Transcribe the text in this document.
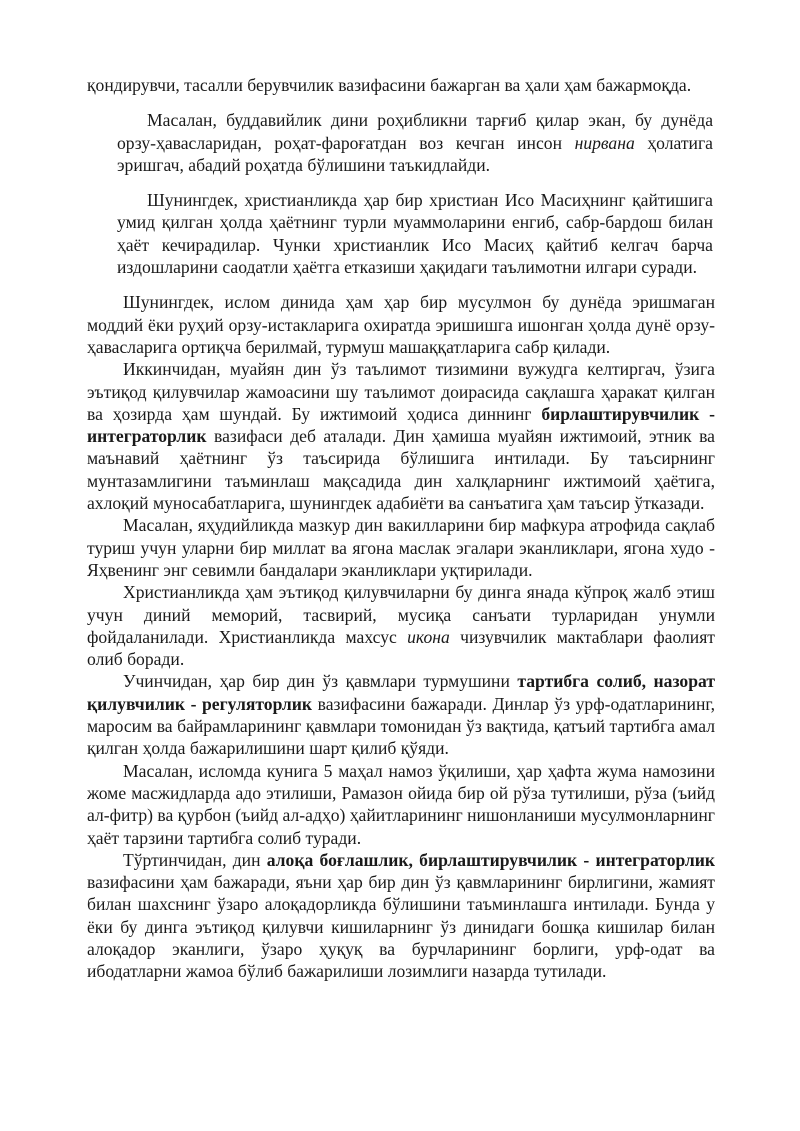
қондирувчи, тасалли берувчилик вазифасини бажарган ва ҳали ҳам бажармоқда.

Масалан, буддавийлик дини роҳибликни тарғиб қилар экан, бу дунёда орзу-ҳавасларидан, роҳат-фароғатдан воз кечган инсон нирвана ҳолатига эришгач, абадий роҳатда бўлишини таъкидлайди.

Шунингдек, христианликда ҳар бир христиан Исо Масиҳнинг қайтишига умид қилган ҳолда ҳаётнинг турли муаммоларини енгиб, сабр-бардош билан ҳаёт кечирадилар. Чунки христианлик Исо Масиҳ қайтиб келгач барча издошларини саодатли ҳаётга етказиши ҳақидаги таълимотни илгари суради.

Шунингдек, ислом динида ҳам ҳар бир мусулмон бу дунёда эришмаган моддий ёки руҳий орзу-истакларига охиратда эришишга ишонган ҳолда дунё орзу-ҳавасларига ортиқча берилмай, турмуш машаққатларига сабр қилади.

Иккинчидан, муайян дин ўз таълимот тизимини вужудга келтиргач, ўзига эътиқод қилувчилар жамоасини шу таълимот доирасида сақлашга ҳаракат қилган ва ҳозирда ҳам шундай. Бу ижтимоий ҳодиса диннинг бирлаштирувчилик - интеграторлик вазифаси деб аталади. Дин ҳамиша муайян ижтимоий, этник ва маънавий ҳаётнинг ўз таъсирида бўлишига интилади. Бу таъсирнинг мунтазамлигини таъминлаш мақсадида дин халқларнинг ижтимоий ҳаётига, ахлоқий муносабатларига, шунингдек адабиёти ва санъатига ҳам таъсир ўтказади.

Масалан, яҳудийликда мазкур дин вакилларини бир мафкура атрофида сақлаб туриш учун уларни бир миллат ва ягона маслак эгалари эканликлари, ягона худо - Яҳвенинг энг севимли бандалари эканликлари уқтирилади.

Христианликда ҳам эътиқод қилувчиларни бу динга янада кўпроқ жалб этиш учун диний меморий, тасвирий, мусиқа санъати турларидан унумли фойдаланилади. Христианликда махсус икона чизувчилик мактаблари фаолият олиб боради.

Учинчидан, ҳар бир дин ўз қавмлари турмушини тартибга солиб, назорат қилувчилик - регуляторлик вазифасини бажаради. Динлар ўз урф-одатларининг, маросим ва байрамларининг қавмлари томонидан ўз вақтида, қатъий тартибга амал қилган ҳолда бажарилишини шарт қилиб қўяди.

Масалан, исломда кунига 5 маҳал намоз ўқилиши, ҳар ҳафта жума намозини жоме масжидларда адо этилиши, Рамазон ойида бир ой рўза тутилиши, рўза (ъийд ал-фитр) ва қурбон (ъийд ал-адҳо) ҳайитларининг нишонланиши мусулмонларнинг ҳаёт тарзини тартибга солиб туради.

Тўртинчидан, дин алоқа боғлашлик, бирлаштирувчилик - интеграторлик вазифасини ҳам бажаради, яъни ҳар бир дин ўз қавмларининг бирлигини, жамият билан шахснинг ўзаро алоқадорликда бўлишини таъминлашга интилади. Бунда у ёки бу динга эътиқод қилувчи кишиларнинг ўз динидаги бошқа кишилар билан алоқадор эканлиги, ўзаро ҳуқуқ ва бурчларининг борлиги, урф-одат ва ибодатларни жамоа бўлиб бажарилиши лозимлиги назарда тутилади.
